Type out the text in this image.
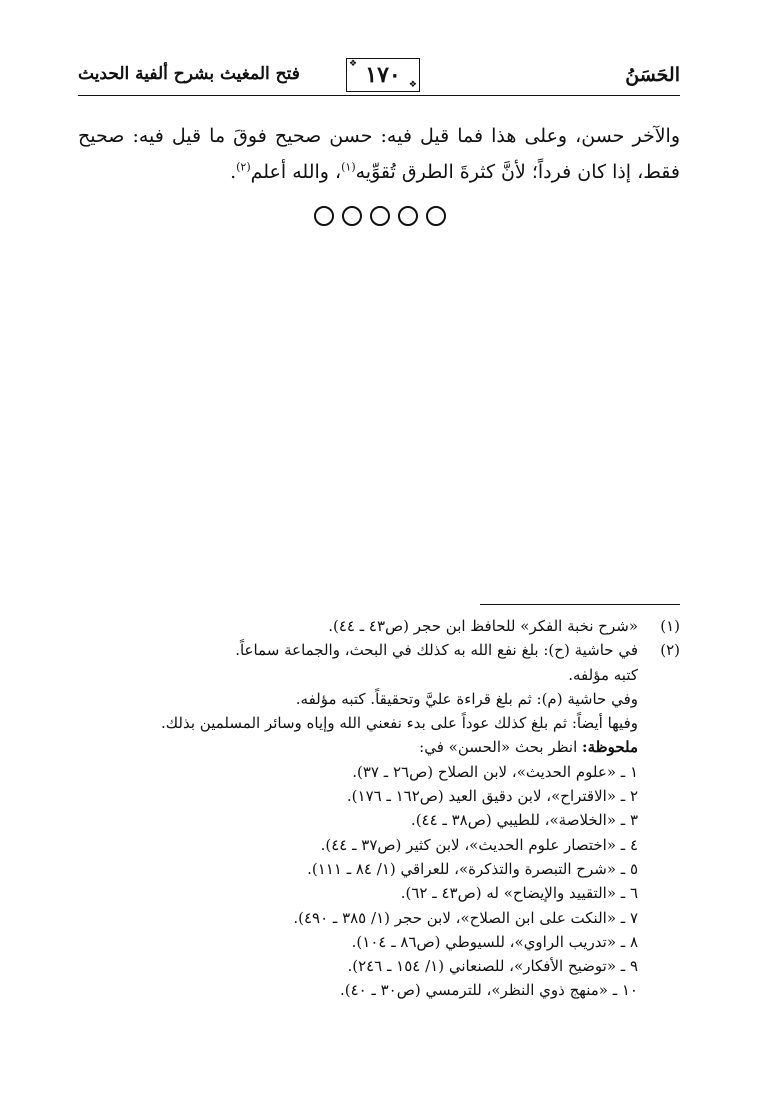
الحَسَنُ
❖ ١٧٠ ❖
فتح المغيث بشرح ألفية الحديث
والآخر حسن، وعلى هذا فما قيل فيه: حسن صحيح فوقَ ما قيل فيه: صحيح فقط، إذا كان فرداً؛ لأنَّ كثرةَ الطرق تُقوِّيه$^{(١)}$، والله أعلم$^{(٢)}$.
(١)«شرح نخبة الفكر» للحافظ ابن حجر (ص٤٣ ـ ٤٤).
(٢)في حاشية (ح): بلغ نفع الله به كذلك في البحث، والجماعة سماعاً.
كتبه مؤلفه.
وفي حاشية (م): ثم بلغ قراءة عليَّ وتحقيقاً. كتبه مؤلفه.
وفيها أيضاً: ثم بلغ كذلك عوداً على بدء نفعني الله وإياه وسائر المسلمين بذلك.
ملحوظة: انظر بحث «الحسن» في:
١ ـ «علوم الحديث»، لابن الصلاح (ص٢٦ ـ ٣٧).
٢ ـ «الاقتراح»، لابن دقيق العيد (ص١٦٢ ـ ١٧٦).
٣ ـ «الخلاصة»، للطيبي (ص٣٨ ـ ٤٤).
٤ ـ «اختصار علوم الحديث»، لابن كثير (ص٣٧ ـ ٤٤).
٥ ـ «شرح التبصرة والتذكرة»، للعراقي (١/ ٨٤ ـ ١١١).
٦ ـ «التقييد والإيضاح» له (ص٤٣ ـ ٦٢).
٧ ـ «النكت على ابن الصلاح»، لابن حجر (١/ ٣٨٥ ـ ٤٩٠).
٨ ـ «تدريب الراوي»، للسيوطي (ص٨٦ ـ ١٠٤).
٩ ـ «توضيح الأفكار»، للصنعاني (١/ ١٥٤ ـ ٢٤٦).
١٠ ـ «منهج ذوي النظر»، للترمسي (ص٣٠ ـ ٤٠).
